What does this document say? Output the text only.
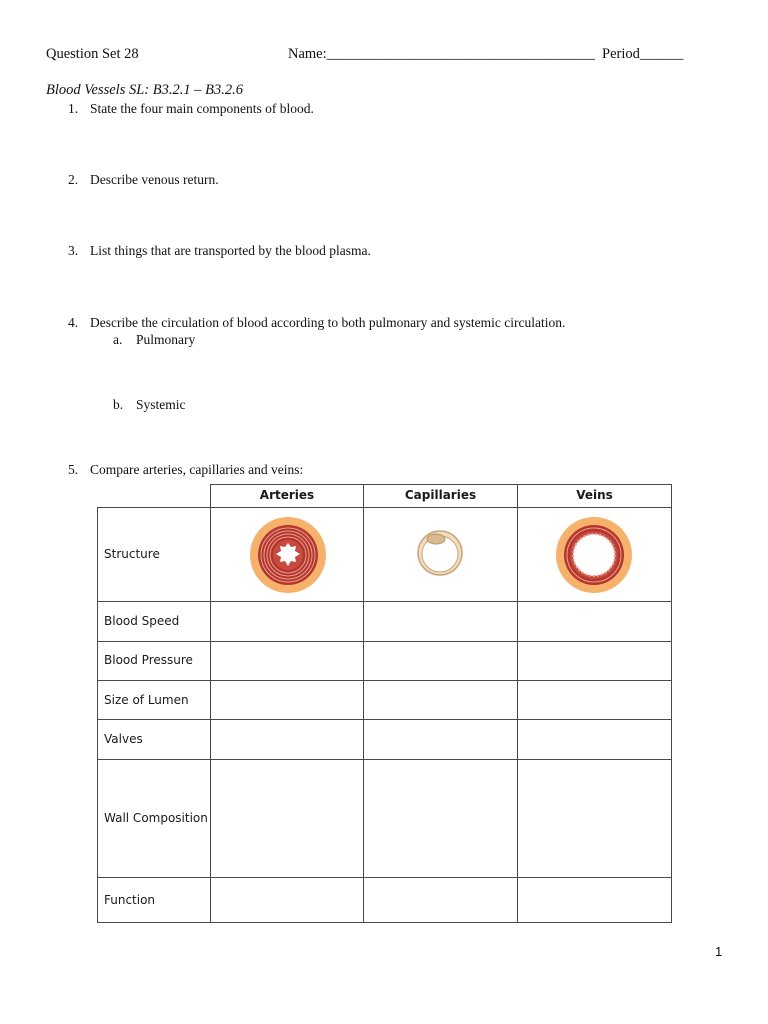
Question Set 28	Name:_____________________________________ Period______
Blood Vessels SL: B3.2.1 – B3.2.6
1. State the four main components of blood.
2. Describe venous return.
3. List things that are transported by the blood plasma.
4. Describe the circulation of blood according to both pulmonary and systemic circulation.
a. Pulmonary
b. Systemic
5. Compare arteries, capillaries and veins:
Arteries	Capillaries	Veins
Structure
Blood Speed
Blood Pressure
Size of Lumen
Valves
Wall Composition
Function
1
